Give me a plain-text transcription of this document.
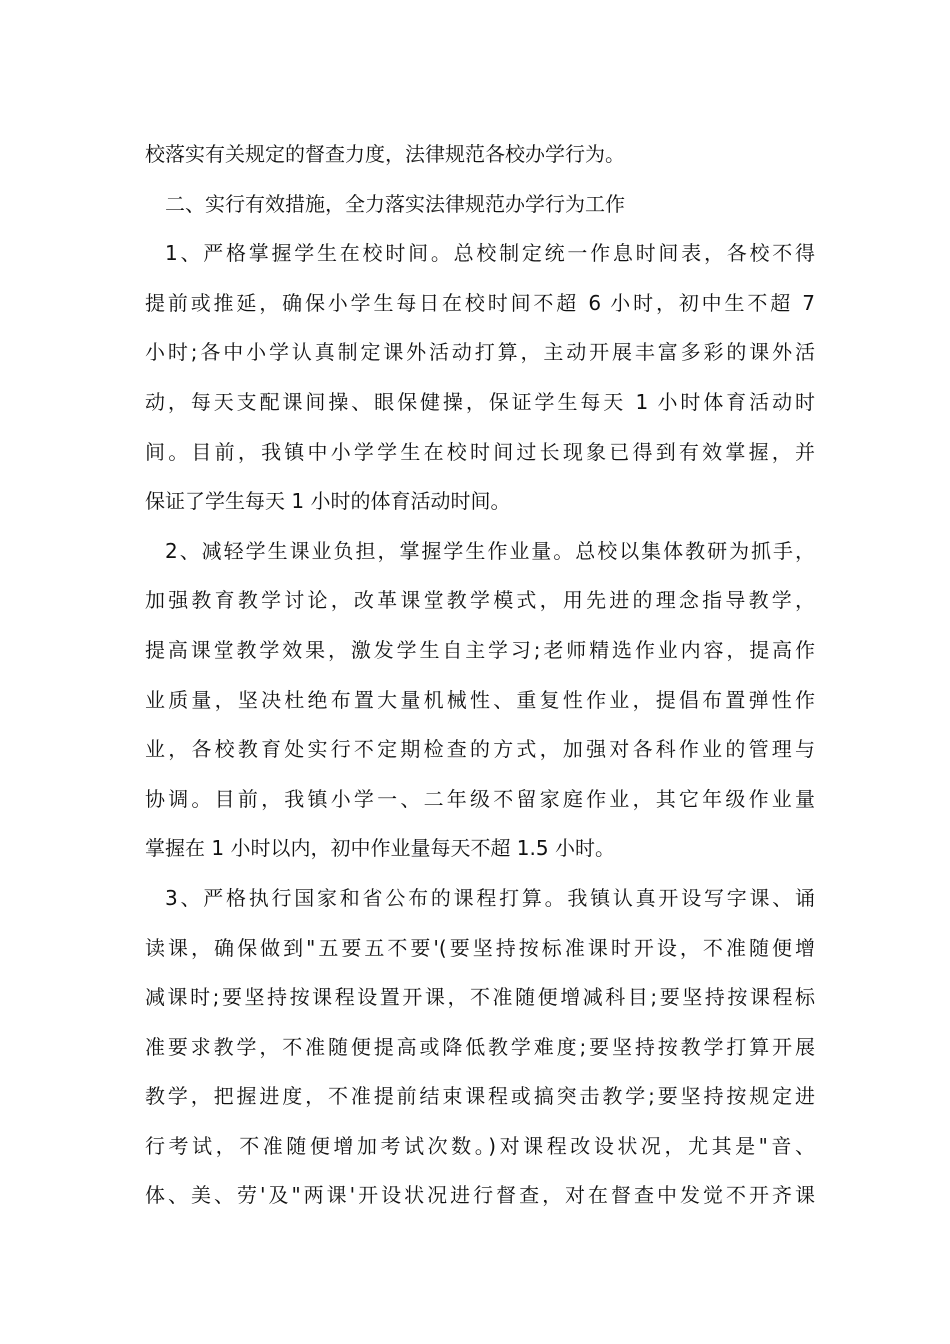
校落实有关规定的督查力度，法律规范各校办学行为。
二、实行有效措施，全力落实法律规范办学行为工作
1、严格掌握学生在校时间。总校制定统一作息时间表，各校不得
提前或推延，确保小学生每日在校时间不超 6 小时，初中生不超 7
小时;各中小学认真制定课外活动打算，主动开展丰富多彩的课外活
动，每天支配课间操、眼保健操，保证学生每天 1 小时体育活动时
间。目前，我镇中小学学生在校时间过长现象已得到有效掌握，并
保证了学生每天 1 小时的体育活动时间。
2、减轻学生课业负担，掌握学生作业量。总校以集体教研为抓手，
加强教育教学讨论，改革课堂教学模式，用先进的理念指导教学，
提高课堂教学效果，激发学生自主学习;老师精选作业内容，提高作
业质量，坚决杜绝布置大量机械性、重复性作业，提倡布置弹性作
业，各校教育处实行不定期检查的方式，加强对各科作业的管理与
协调。目前，我镇小学一、二年级不留家庭作业，其它年级作业量
掌握在 1 小时以内，初中作业量每天不超 1.5 小时。
3、严格执行国家和省公布的课程打算。我镇认真开设写字课、诵
读课，确保做到"五要五不要'(要坚持按标准课时开设，不准随便增
减课时;要坚持按课程设置开课，不准随便增减科目;要坚持按课程标
准要求教学，不准随便提高或降低教学难度;要坚持按教学打算开展
教学，把握进度，不准提前结束课程或搞突击教学;要坚持按规定进
行考试，不准随便增加考试次数。)对课程改设状况，尤其是"音、
体、美、劳'及"两课'开设状况进行督查，对在督查中发觉不开齐课
